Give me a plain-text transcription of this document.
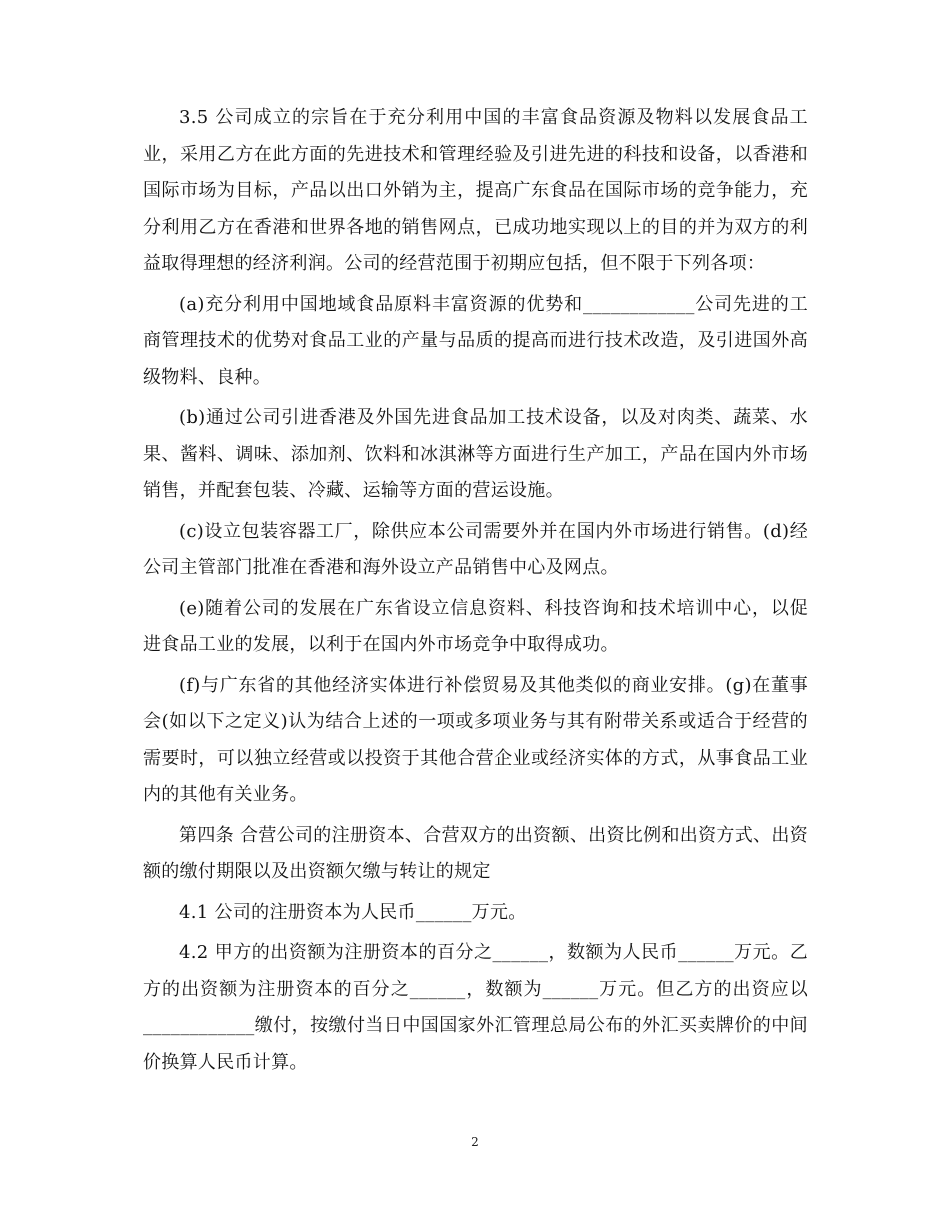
3.5 公司成立的宗旨在于充分利用中国的丰富食品资源及物料以发展食品工业，采用乙方在此方面的先进技术和管理经验及引进先进的科技和设备，以香港和国际市场为目标，产品以出口外销为主，提高广东食品在国际市场的竞争能力，充分利用乙方在香港和世界各地的销售网点，已成功地实现以上的目的并为双方的利益取得理想的经济利润。公司的经营范围于初期应包括，但不限于下列各项：

(a)充分利用中国地域食品原料丰富资源的优势和____________公司先进的工商管理技术的优势对食品工业的产量与品质的提高而进行技术改造，及引进国外高级物料、良种。

(b)通过公司引进香港及外国先进食品加工技术设备，以及对肉类、蔬菜、水果、酱料、调味、添加剂、饮料和冰淇淋等方面进行生产加工，产品在国内外市场销售，并配套包装、冷藏、运输等方面的营运设施。

(c)设立包装容器工厂，除供应本公司需要外并在国内外市场进行销售。(d)经公司主管部门批准在香港和海外设立产品销售中心及网点。

(e)随着公司的发展在广东省设立信息资料、科技咨询和技术培训中心，以促进食品工业的发展，以利于在国内外市场竞争中取得成功。

(f)与广东省的其他经济实体进行补偿贸易及其他类似的商业安排。(g)在董事会(如以下之定义)认为结合上述的一项或多项业务与其有附带关系或适合于经营的需要时，可以独立经营或以投资于其他合营企业或经济实体的方式，从事食品工业内的其他有关业务。

第四条 合营公司的注册资本、合营双方的出资额、出资比例和出资方式、出资额的缴付期限以及出资额欠缴与转让的规定

4.1 公司的注册资本为人民币______万元。

4.2 甲方的出资额为注册资本的百分之______，数额为人民币______万元。乙方的出资额为注册资本的百分之______，数额为______万元。但乙方的出资应以____________缴付，按缴付当日中国国家外汇管理总局公布的外汇买卖牌价的中间价换算人民币计算。

2
